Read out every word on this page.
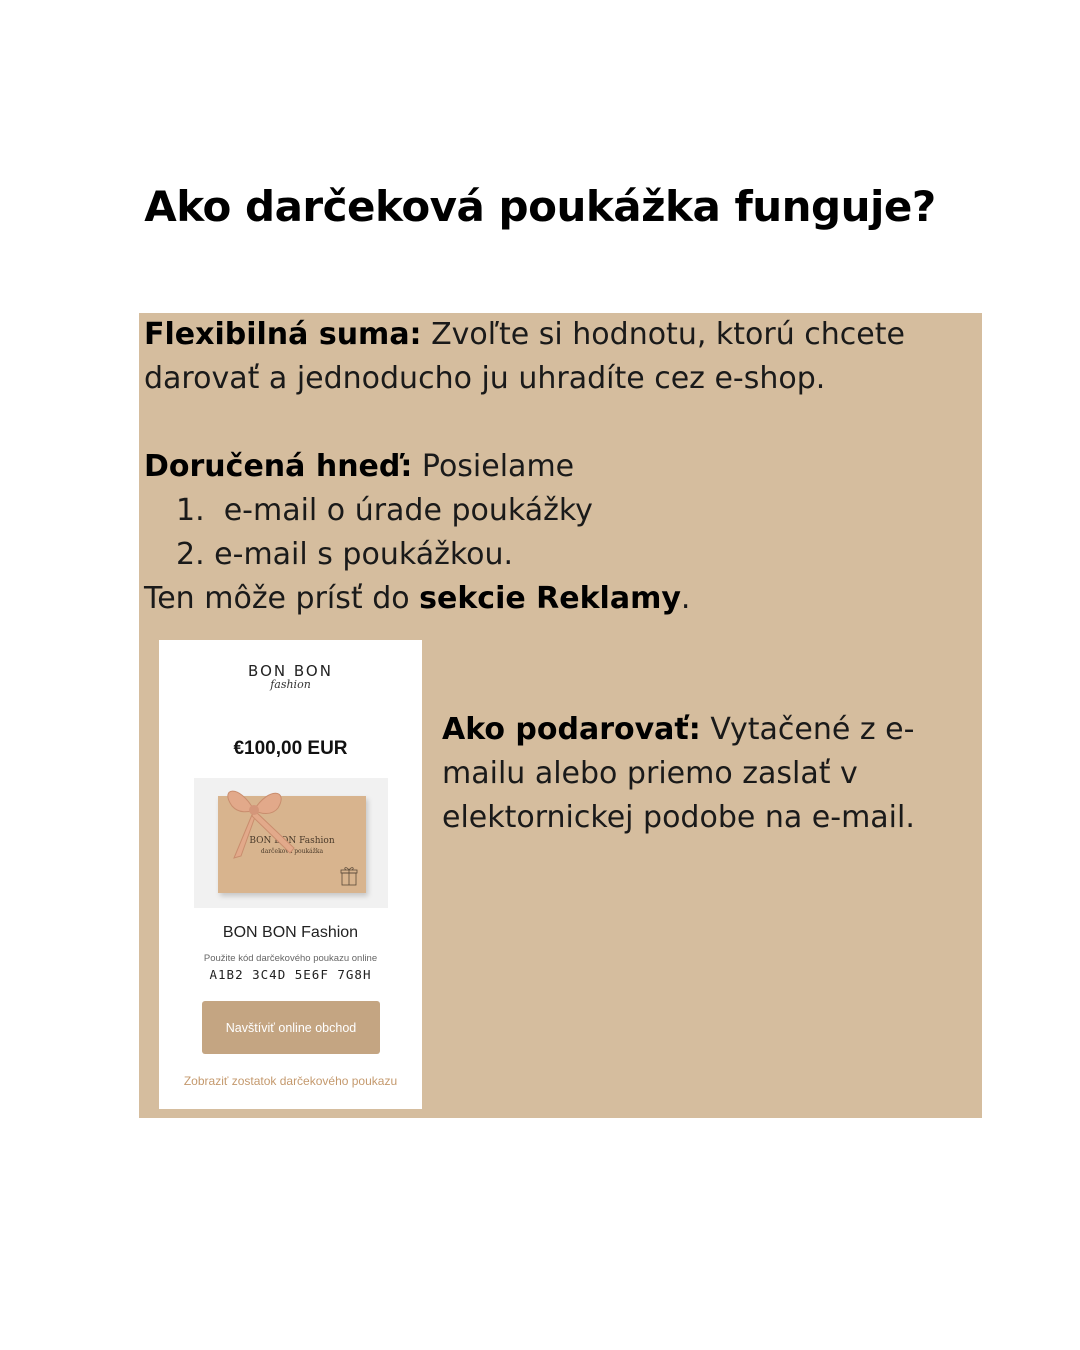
Ako darčeková poukážka funguje?

Flexibilná suma: Zvoľte si hodnotu, ktorú chcete darovať a jednoducho ju uhradíte cez e-shop.

Doručená hneď: Posielame

1. e-mail o úrade poukážky

2. e-mail s poukážkou.

Ten môže prísť do sekcie Reklamy.

BON BON
fashion
€100,00 EUR
BON BON Fashion
darčeková poukážka
BON BON Fashion
Použite kód darčekového poukazu online
A1B2 3C4D 5E6F 7G8H
Navštíviť online obchod
Zobraziť zostatok darčekového poukazu

Ako podarovať: Vytačené z e-mailu alebo priemo zaslať v elektornickej podobe na e-mail.
